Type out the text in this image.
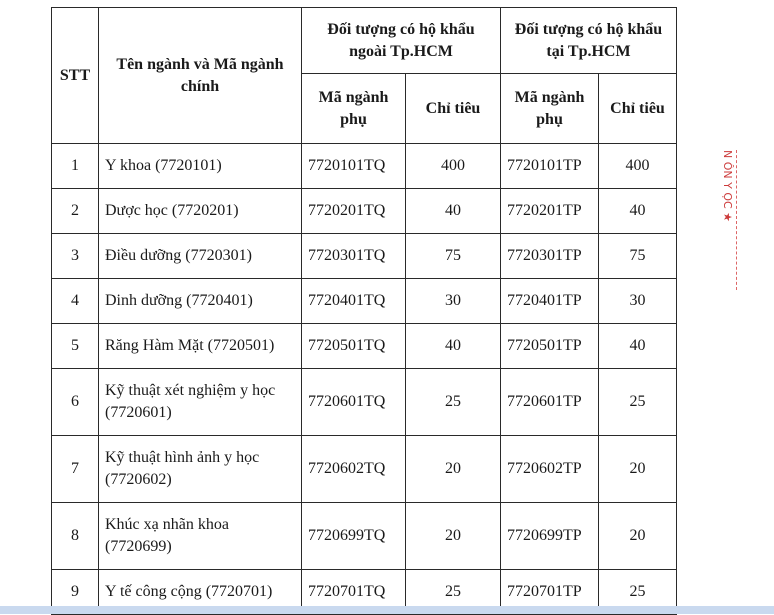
STT	Tên ngành và Mã ngành chính	Đối tượng có hộ khẩu ngoài Tp.HCM		Đối tượng có hộ khẩu tại Tp.HCM	
		Mã ngành phụ	Chỉ tiêu	Mã ngành phụ	Chỉ tiêu
1	Y khoa (7720101)	7720101TQ	400	7720101TP	400
2	Dược học (7720201)	7720201TQ	40	7720201TP	40
3	Điều dưỡng (7720301)	7720301TQ	75	7720301TP	75
4	Dinh dưỡng (7720401)	7720401TQ	30	7720401TP	30
5	Răng Hàm Mặt (7720501)	7720501TQ	40	7720501TP	40
6	Kỹ thuật xét nghiệm y học (7720601)	7720601TQ	25	7720601TP	25
7	Kỹ thuật hình ảnh y học (7720602)	7720602TQ	20	7720602TP	20
8	Khúc xạ nhãn khoa (7720699)	7720699TQ	20	7720699TP	20
9	Y tế công cộng (7720701)	7720701TQ	25	7720701TP	25
N ÔN Y ỌC ★
